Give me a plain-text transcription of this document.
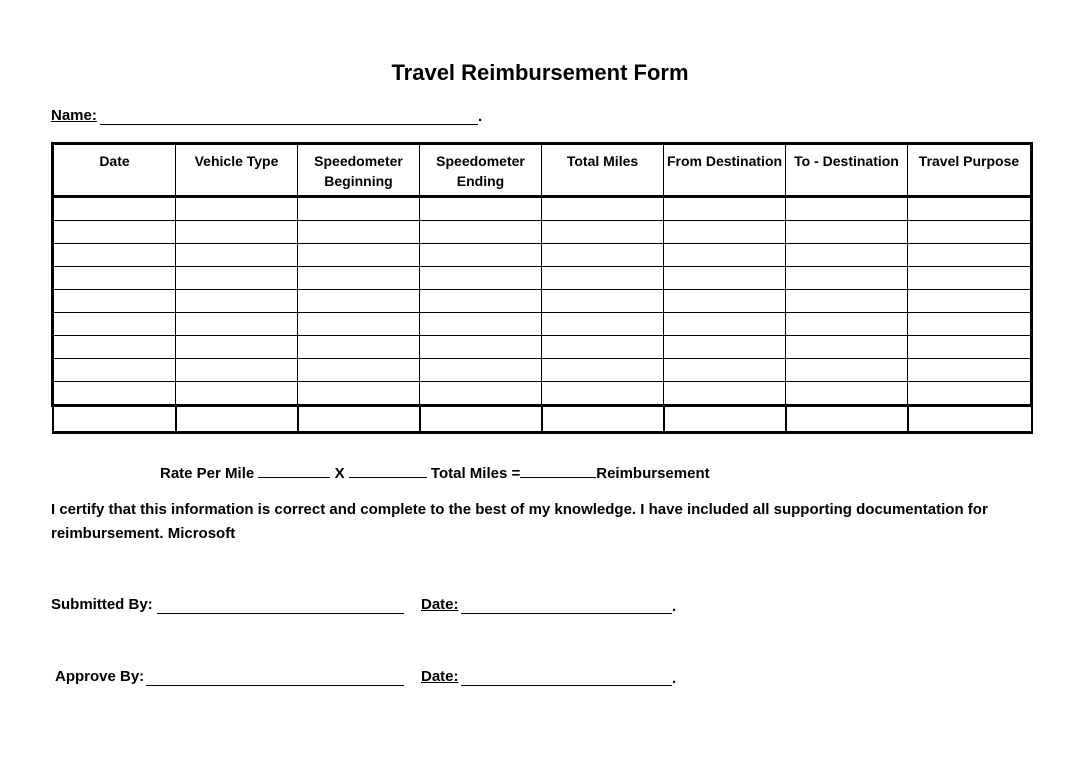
Travel Reimbursement Form
Name:	.
Date	Vehicle Type	Speedometer Beginning	Speedometer Ending	Total Miles	From Destination	To - Destination	Travel Purpose

Rate Per Mile	X	Total Miles =	Reimbursement
I certify that this information is correct and complete to the best of my knowledge. I have included all supporting documentation for reimbursement. Microsoft
Submitted By:	Date:	.
Approve By:	Date:	.
